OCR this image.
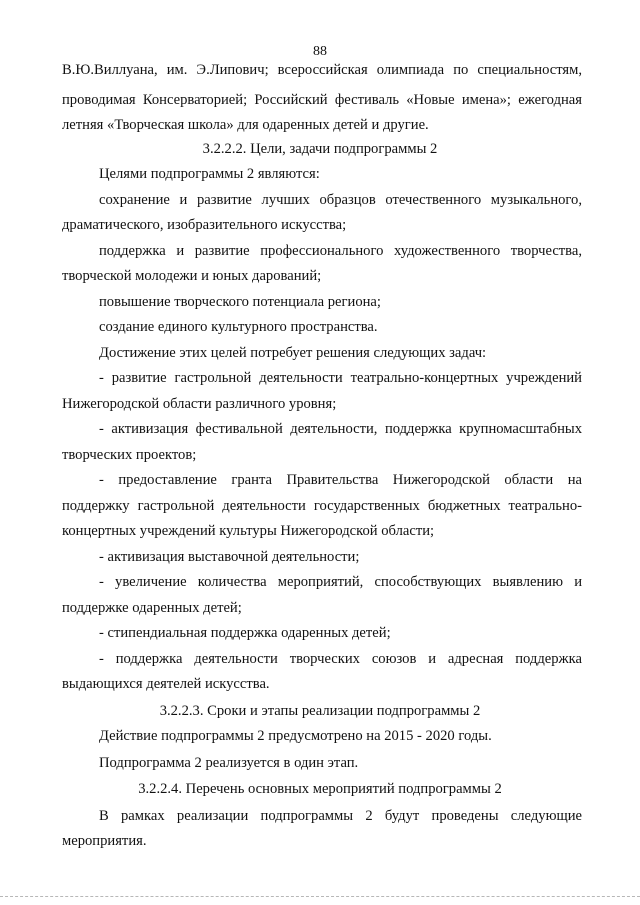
88
В.Ю.Виллуана, им. Э.Липович; всероссийская олимпиада по специальностям,
проводимая Консерваторией; Российский фестиваль «Новые имена»; ежегодная
летняя «Творческая школа» для одаренных детей и другие.
3.2.2.2. Цели, задачи подпрограммы 2
Целями подпрограммы 2 являются:
сохранение и развитие лучших образцов отечественного музыкального,
драматического, изобразительного искусства;
поддержка и развитие профессионального художественного творчества,
творческой молодежи и юных дарований;
повышение творческого потенциала региона;
создание единого культурного пространства.
Достижение этих целей потребует решения следующих задач:
- развитие гастрольной деятельности театрально-концертных учреждений
Нижегородской области различного уровня;
- активизация фестивальной деятельности, поддержка крупномасштабных
творческих проектов;
- предоставление гранта Правительства Нижегородской области на
поддержку гастрольной деятельности государственных бюджетных театрально-
концертных учреждений культуры Нижегородской области;
- активизация выставочной деятельности;
- увеличение количества мероприятий, способствующих выявлению и
поддержке одаренных детей;
- стипендиальная поддержка одаренных детей;
- поддержка деятельности творческих союзов и адресная поддержка
выдающихся деятелей искусства.
3.2.2.3. Сроки и этапы реализации подпрограммы 2
Действие подпрограммы 2 предусмотрено на 2015 - 2020 годы.
Подпрограмма 2 реализуется в один этап.
3.2.2.4. Перечень основных мероприятий подпрограммы 2
В рамках реализации подпрограммы 2 будут проведены следующие
мероприятия.
